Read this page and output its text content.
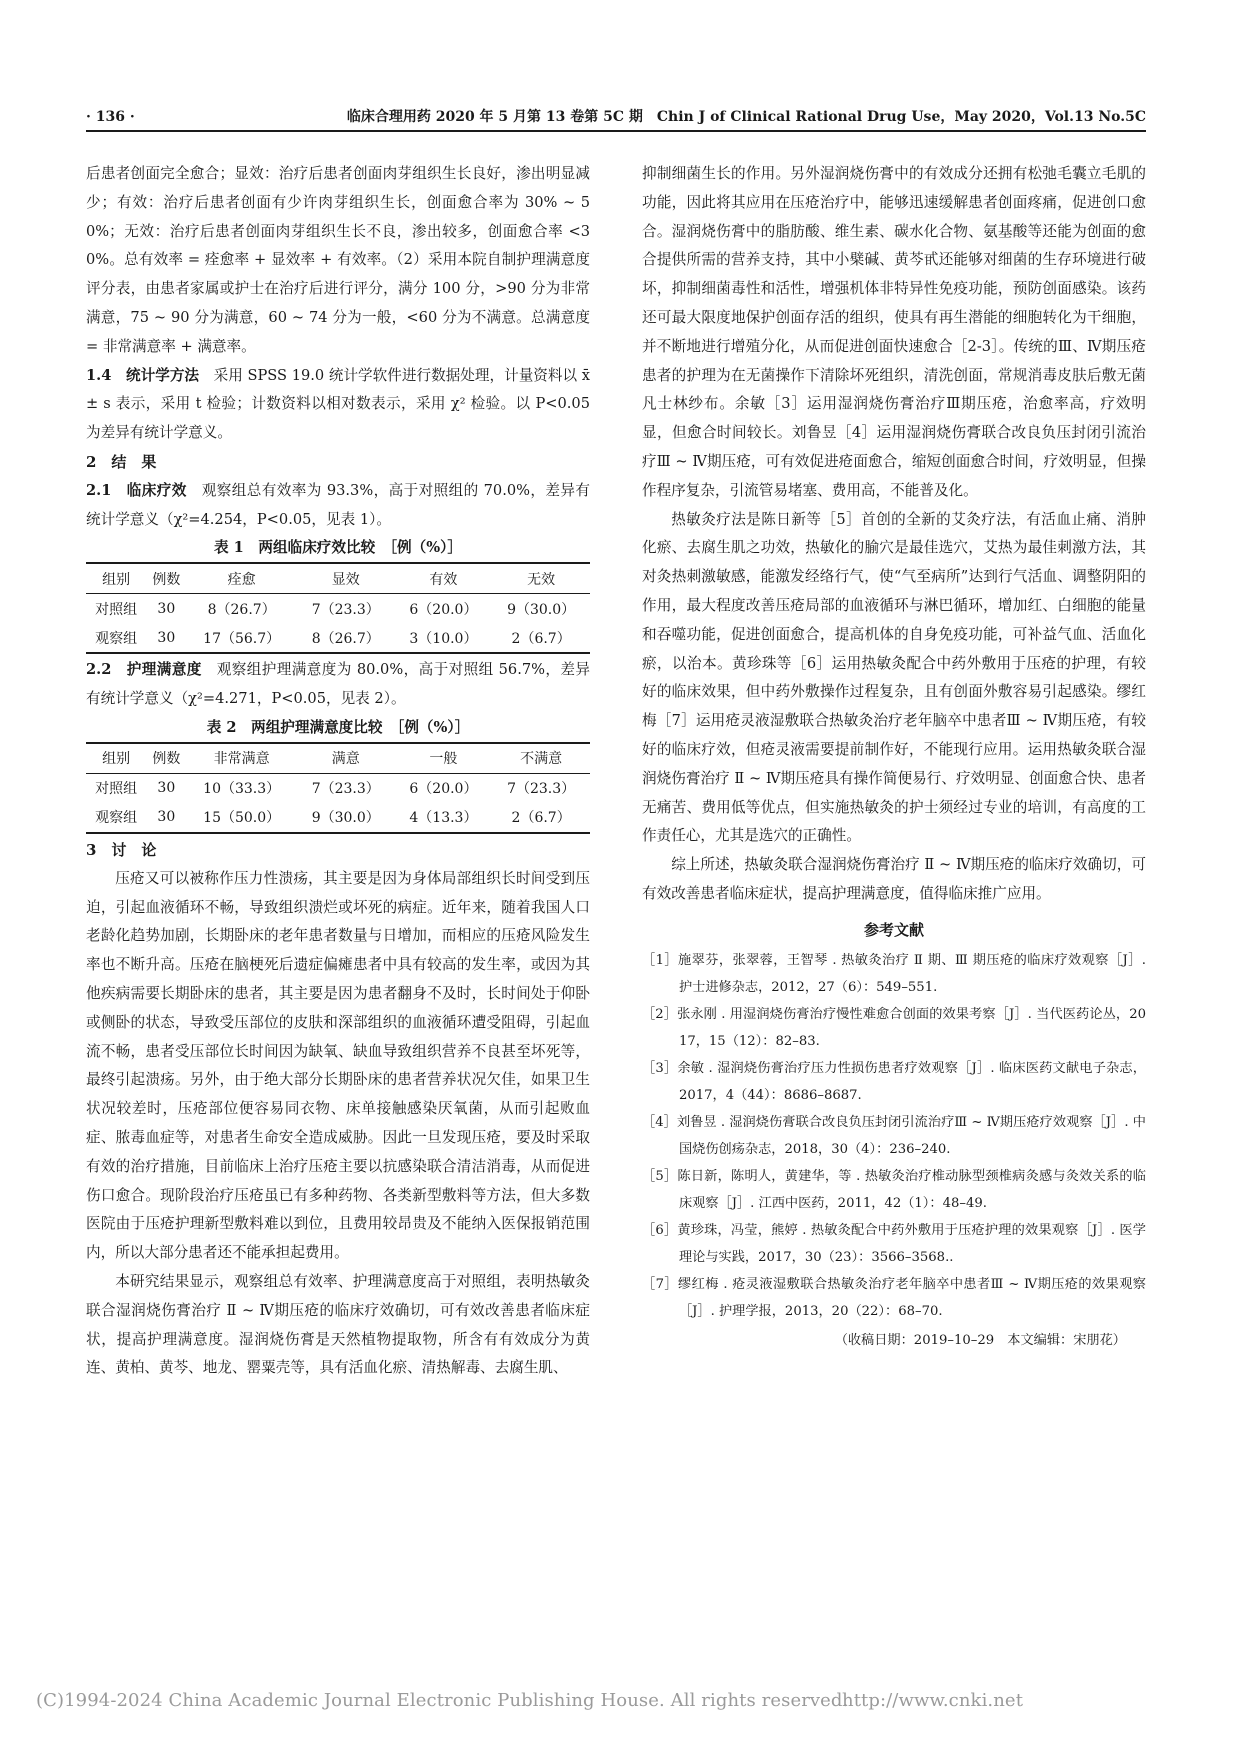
· 136 ·	临床合理用药 2020 年 5 月第 13 卷第 5C 期　Chin J of Clinical Rational Drug Use，May 2020，Vol.13 No.5C

后患者创面完全愈合；显效：治疗后患者创面肉芽组织生长良好，渗出明显减少；有效：治疗后患者创面有少许肉芽组织生长，创面愈合率为 30% ~ 50%；无效：治疗后患者创面肉芽组织生长不良，渗出较多，创面愈合率 <30%。总有效率 = 痊愈率 + 显效率 + 有效率。（2）采用本院自制护理满意度评分表，由患者家属或护士在治疗后进行评分，满分 100 分，>90 分为非常满意，75 ~ 90 分为满意，60 ~ 74 分为一般，<60 分为不满意。总满意度 = 非常满意率 + 满意率。

1.4　统计学方法　采用 SPSS 19.0 统计学软件进行数据处理，计量资料以 x̄ ± s 表示，采用 t 检验；计数资料以相对数表示，采用 χ² 检验。以 P<0.05 为差异有统计学意义。

2　结　果

2.1　临床疗效　观察组总有效率为 93.3%，高于对照组的 70.0%，差异有统计学意义（χ²=4.254，P<0.05，见表 1）。

表 1　两组临床疗效比较　［例（%）］

组别	例数	痊愈	显效	有效	无效
对照组	30	8（26.7）	7（23.3）	6（20.0）	9（30.0）
观察组	30	17（56.7）	8（26.7）	3（10.0）	2（6.7）

2.2　护理满意度　观察组护理满意度为 80.0%，高于对照组 56.7%，差异有统计学意义（χ²=4.271，P<0.05，见表 2）。

表 2　两组护理满意度比较　［例（%）］

组别	例数	非常满意	满意	一般	不满意
对照组	30	10（33.3）	7（23.3）	6（20.0）	7（23.3）
观察组	30	15（50.0）	9（30.0）	4（13.3）	2（6.7）

3　讨　论

压疮又可以被称作压力性溃疡，其主要是因为身体局部组织长时间受到压迫，引起血液循环不畅，导致组织溃烂或坏死的病症。近年来，随着我国人口老龄化趋势加剧，长期卧床的老年患者数量与日增加，而相应的压疮风险发生率也不断升高。压疮在脑梗死后遗症偏瘫患者中具有较高的发生率，或因为其他疾病需要长期卧床的患者，其主要是因为患者翻身不及时，长时间处于仰卧或侧卧的状态，导致受压部位的皮肤和深部组织的血液循环遭受阻碍，引起血流不畅，患者受压部位长时间因为缺氧、缺血导致组织营养不良甚至坏死等，最终引起溃疡。另外，由于绝大部分长期卧床的患者营养状况欠佳，如果卫生状况较差时，压疮部位便容易同衣物、床单接触感染厌氧菌，从而引起败血症、脓毒血症等，对患者生命安全造成威胁。因此一旦发现压疮，要及时采取有效的治疗措施，目前临床上治疗压疮主要以抗感染联合清洁消毒，从而促进伤口愈合。现阶段治疗压疮虽已有多种药物、各类新型敷料等方法，但大多数医院由于压疮护理新型敷料难以到位，且费用较昂贵及不能纳入医保报销范围内，所以大部分患者还不能承担起费用。

本研究结果显示，观察组总有效率、护理满意度高于对照组，表明热敏灸联合湿润烧伤膏治疗 Ⅱ ~ Ⅳ期压疮的临床疗效确切，可有效改善患者临床症状，提高护理满意度。湿润烧伤膏是天然植物提取物，所含有有效成分为黄连、黄柏、黄芩、地龙、罂粟壳等，具有活血化瘀、清热解毒、去腐生肌、

抑制细菌生长的作用。另外湿润烧伤膏中的有效成分还拥有松弛毛囊立毛肌的功能，因此将其应用在压疮治疗中，能够迅速缓解患者创面疼痛，促进创口愈合。湿润烧伤膏中的脂肪酸、维生素、碳水化合物、氨基酸等还能为创面的愈合提供所需的营养支持，其中小檗碱、黄芩甙还能够对细菌的生存环境进行破坏，抑制细菌毒性和活性，增强机体非特异性免疫功能，预防创面感染。该药还可最大限度地保护创面存活的组织，使具有再生潜能的细胞转化为干细胞，并不断地进行增殖分化，从而促进创面快速愈合［2-3］。传统的Ⅲ、Ⅳ期压疮患者的护理为在无菌操作下清除坏死组织，清洗创面，常规消毒皮肤后敷无菌凡士林纱布。余敏［3］运用湿润烧伤膏治疗Ⅲ期压疮，治愈率高，疗效明显，但愈合时间较长。刘鲁昱［4］运用湿润烧伤膏联合改良负压封闭引流治疗Ⅲ ~ Ⅳ期压疮，可有效促进疮面愈合，缩短创面愈合时间，疗效明显，但操作程序复杂，引流管易堵塞、费用高，不能普及化。

热敏灸疗法是陈日新等［5］首创的全新的艾灸疗法，有活血止痛、消肿化瘀、去腐生肌之功效，热敏化的腧穴是最佳选穴，艾热为最佳刺激方法，其对灸热刺激敏感，能激发经络行气，使“气至病所”达到行气活血、调整阴阳的作用，最大程度改善压疮局部的血液循环与淋巴循环，增加红、白细胞的能量和吞噬功能，促进创面愈合，提高机体的自身免疫功能，可补益气血、活血化瘀，以治本。黄珍珠等［6］运用热敏灸配合中药外敷用于压疮的护理，有较好的临床效果，但中药外敷操作过程复杂，且有创面外敷容易引起感染。缪红梅［7］运用疮灵液湿敷联合热敏灸治疗老年脑卒中患者Ⅲ ~ Ⅳ期压疮，有较好的临床疗效，但疮灵液需要提前制作好，不能现行应用。运用热敏灸联合湿润烧伤膏治疗 Ⅱ ~ Ⅳ期压疮具有操作简便易行、疗效明显、创面愈合快、患者无痛苦、费用低等优点，但实施热敏灸的护士须经过专业的培训，有高度的工作责任心，尤其是选穴的正确性。

综上所述，热敏灸联合湿润烧伤膏治疗 Ⅱ ~ Ⅳ期压疮的临床疗效确切，可有效改善患者临床症状，提高护理满意度，值得临床推广应用。

参考文献

［1］施翠芬，张翠蓉，王智琴 . 热敏灸治疗 Ⅱ 期、Ⅲ 期压疮的临床疗效观察［J］. 护士进修杂志，2012，27（6）：549–551.

［2］张永刚 . 用湿润烧伤膏治疗慢性难愈合创面的效果考察［J］. 当代医药论丛，2017，15（12）：82–83.

［3］余敏 . 湿润烧伤膏治疗压力性损伤患者疗效观察［J］. 临床医药文献电子杂志，2017，4（44）：8686–8687.

［4］刘鲁昱 . 湿润烧伤膏联合改良负压封闭引流治疗Ⅲ ~ Ⅳ期压疮疗效观察［J］. 中国烧伤创疡杂志，2018，30（4）：236–240.

［5］陈日新，陈明人，黄建华，等 . 热敏灸治疗椎动脉型颈椎病灸感与灸效关系的临床观察［J］. 江西中医药，2011，42（1）：48–49.

［6］黄珍珠，冯莹，熊婷 . 热敏灸配合中药外敷用于压疮护理的效果观察［J］. 医学理论与实践，2017，30（23）：3566–3568..

［7］缪红梅 . 疮灵液湿敷联合热敏灸治疗老年脑卒中患者Ⅲ ~ Ⅳ期压疮的效果观察［J］. 护理学报，2013，20（22）：68–70.

（收稿日期：2019–10–29　本文编辑：宋朋花）

(C)1994-2024 China Academic Journal Electronic Publishing House. All rights reserved.
http://www.cnki.net
